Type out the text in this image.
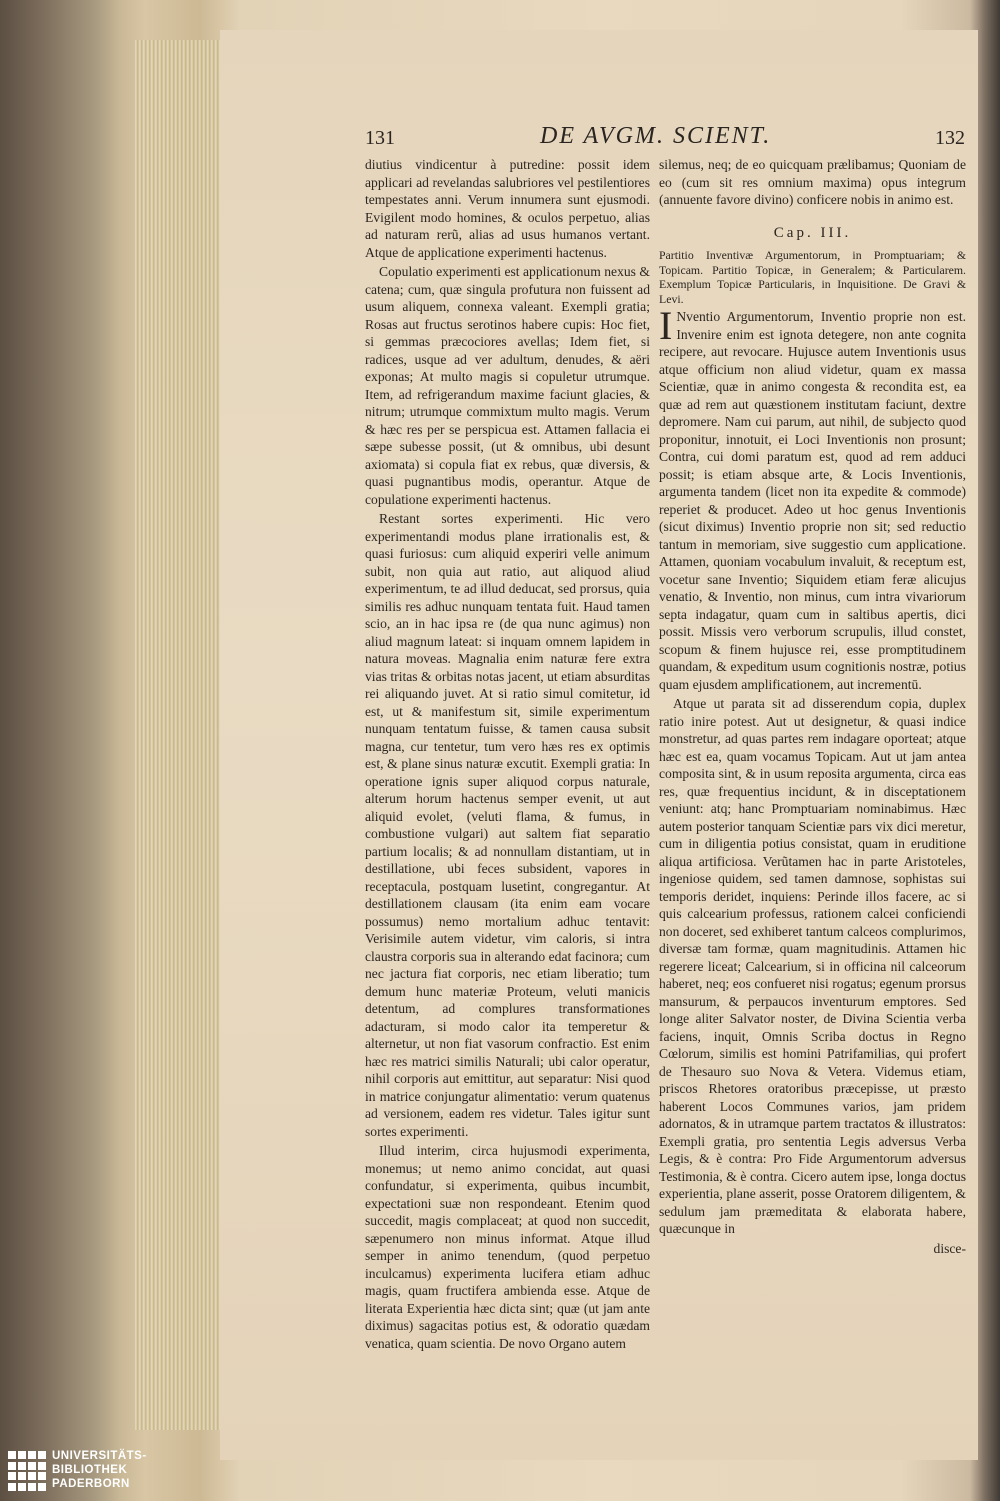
131	DE AVGM. SCIENT.	132

diutius vindicentur à putredine: possit idem applicari ad revelandas salubriores vel pestilentiores tempestates anni. Verum innumera sunt ejusmodi. Evigilent modo homines, & oculos perpetuo, alias ad naturam rerũ, alias ad usus humanos vertant. Atque de applicatione experimenti hactenus.

Copulatio experimenti est applicationum nexus & catena; cum, quæ singula profutura non fuissent ad usum aliquem, connexa valeant. Exempli gratia; Rosas aut fructus serotinos habere cupis: Hoc fiet, si gemmas præcociores avellas; Idem fiet, si radices, usque ad ver adultum, denudes, & aëri exponas; At multo magis si copuletur utrumque. Item, ad refrigerandum maxime faciunt glacies, & nitrum; utrumque commixtum multo magis. Verum & hæc res per se perspicua est. Attamen fallacia ei sæpe subesse possit, (ut & omnibus, ubi desunt axiomata) si copula fiat ex rebus, quæ diversis, & quasi pugnantibus modis, operantur. Atque de copulatione experimenti hactenus.

Restant sortes experimenti. Hic vero experimentandi modus plane irrationalis est, & quasi furiosus: cum aliquid experiri velle animum subit, non quia aut ratio, aut aliquod aliud experimentum, te ad illud deducat, sed prorsus, quia similis res adhuc nunquam tentata fuit. Haud tamen scio, an in hac ipsa re (de qua nunc agimus) non aliud magnum lateat: si inquam omnem lapidem in natura moveas. Magnalia enim naturæ fere extra vias tritas & orbitas notas jacent, ut etiam absurditas rei aliquando juvet. At si ratio simul comitetur, id est, ut & manifestum sit, simile experimentum nunquam tentatum fuisse, & tamen causa subsit magna, cur tentetur, tum vero hæs res ex optimis est, & plane sinus naturæ excutit. Exempli gratia: In operatione ignis super aliquod corpus naturale, alterum horum hactenus semper evenit, ut aut aliquid evolet, (veluti flama, & fumus, in combustione vulgari) aut saltem fiat separatio partium localis; & ad nonnullam distantiam, ut in destillatione, ubi feces subsident, vapores in receptacula, postquam lusetint, congregantur. At destillationem clausam (ita enim eam vocare possumus) nemo mortalium adhuc tentavit: Verisimile autem videtur, vim caloris, si intra claustra corporis sua in alterando edat facinora; cum nec jactura fiat corporis, nec etiam liberatio; tum demum hunc materiæ Proteum, veluti manicis detentum, ad complures transformationes adacturam, si modo calor ita temperetur & alternetur, ut non fiat vasorum confractio. Est enim hæc res matrici similis Naturali; ubi calor operatur, nihil corporis aut emittitur, aut separatur: Nisi quod in matrice conjungatur alimentatio: verum quatenus ad versionem, eadem res videtur. Tales igitur sunt sortes experimenti.

Illud interim, circa hujusmodi experimenta, monemus; ut nemo animo concidat, aut quasi confundatur, si experimenta, quibus incumbit, expectationi suæ non respondeant. Etenim quod succedit, magis complaceat; at quod non succedit, sæpenumero non minus informat. Atque illud semper in animo tenendum, (quod perpetuo inculcamus) experimenta lucifera etiam adhuc magis, quam fructifera ambienda esse. Atque de literata Experientia hæc dicta sint; quæ (ut jam ante diximus) sagacitas potius est, & odoratio quædam venatica, quam scientia. De novo Organo autem

silemus, neq; de eo quicquam prælibamus; Quoniam de eo (cum sit res omnium maxima) opus integrum (annuente favore divino) conficere nobis in animo est.

Cap. III.

Partitio Inventivæ Argumentorum, in Promptuariam; & Topicam. Partitio Topicæ, in Generalem; & Particularem. Exemplum Topicæ Particularis, in Inquisitione. De Gravi & Levi.

I Nventio Argumentorum, Inventio proprie non est. Invenire enim est ignota detegere, non ante cognita recipere, aut revocare. Hujusce autem Inventionis usus atque officium non aliud videtur, quam ex massa Scientiæ, quæ in animo congesta & recondita est, ea quæ ad rem aut quæstionem institutam faciunt, dextre depromere. Nam cui parum, aut nihil, de subjecto quod proponitur, innotuit, ei Loci Inventionis non prosunt; Contra, cui domi paratum est, quod ad rem adduci possit; is etiam absque arte, & Locis Inventionis, argumenta tandem (licet non ita expedite & commode) reperiet & producet. Adeo ut hoc genus Inventionis (sicut diximus) Inventio proprie non sit; sed reductio tantum in memoriam, sive suggestio cum applicatione. Attamen, quoniam vocabulum invaluit, & receptum est, vocetur sane Inventio; Siquidem etiam feræ alicujus venatio, & Inventio, non minus, cum intra vivariorum septa indagatur, quam cum in saltibus apertis, dici possit. Missis vero verborum scrupulis, illud constet, scopum & finem hujusce rei, esse promptitudinem quandam, & expeditum usum cognitionis nostræ, potius quam ejusdem amplificationem, aut incrementū.

Atque ut parata sit ad disserendum copia, duplex ratio inire potest. Aut ut designetur, & quasi indice monstretur, ad quas partes rem indagare oporteat; atque hæc est ea, quam vocamus Topicam. Aut ut jam antea composita sint, & in usum reposita argumenta, circa eas res, quæ frequentius incidunt, & in disceptationem veniunt: atq; hanc Promptuariam nominabimus. Hæc autem posterior tanquam Scientiæ pars vix dici meretur, cum in diligentia potius consistat, quam in eruditione aliqua artificiosa. Verũtamen hac in parte Aristoteles, ingeniose quidem, sed tamen damnose, sophistas sui temporis deridet, inquiens: Perinde illos facere, ac si quis calcearium professus, rationem calcei conficiendi non doceret, sed exhiberet tantum calceos complurimos, diversæ tam formæ, quam magnitudinis. Attamen hic regerere liceat; Calcearium, si in officina nil calceorum haberet, neq; eos confueret nisi rogatus; egenum prorsus mansurum, & perpaucos inventurum emptores. Sed longe aliter Salvator noster, de Divina Scientia verba faciens, inquit, Omnis Scriba doctus in Regno Cœlorum, similis est homini Patrifamilias, qui profert de Thesauro suo Nova & Vetera. Videmus etiam, priscos Rhetores oratoribus præcepisse, ut præsto haberent Locos Communes varios, jam pridem adornatos, & in utramque partem tractatos & illustratos: Exempli gratia, pro sententia Legis adversus Verba Legis, & è contra: Pro Fide Argumentorum adversus Testimonia, & è contra. Cicero autem ipse, longa doctus experientia, plane asserit, posse Oratorem diligentem, & sedulum jam præmeditata & elaborata habere, quæcunque in

disce-
UNIVERSITÄTS-
BIBLIOTHEK
PADERBORN
